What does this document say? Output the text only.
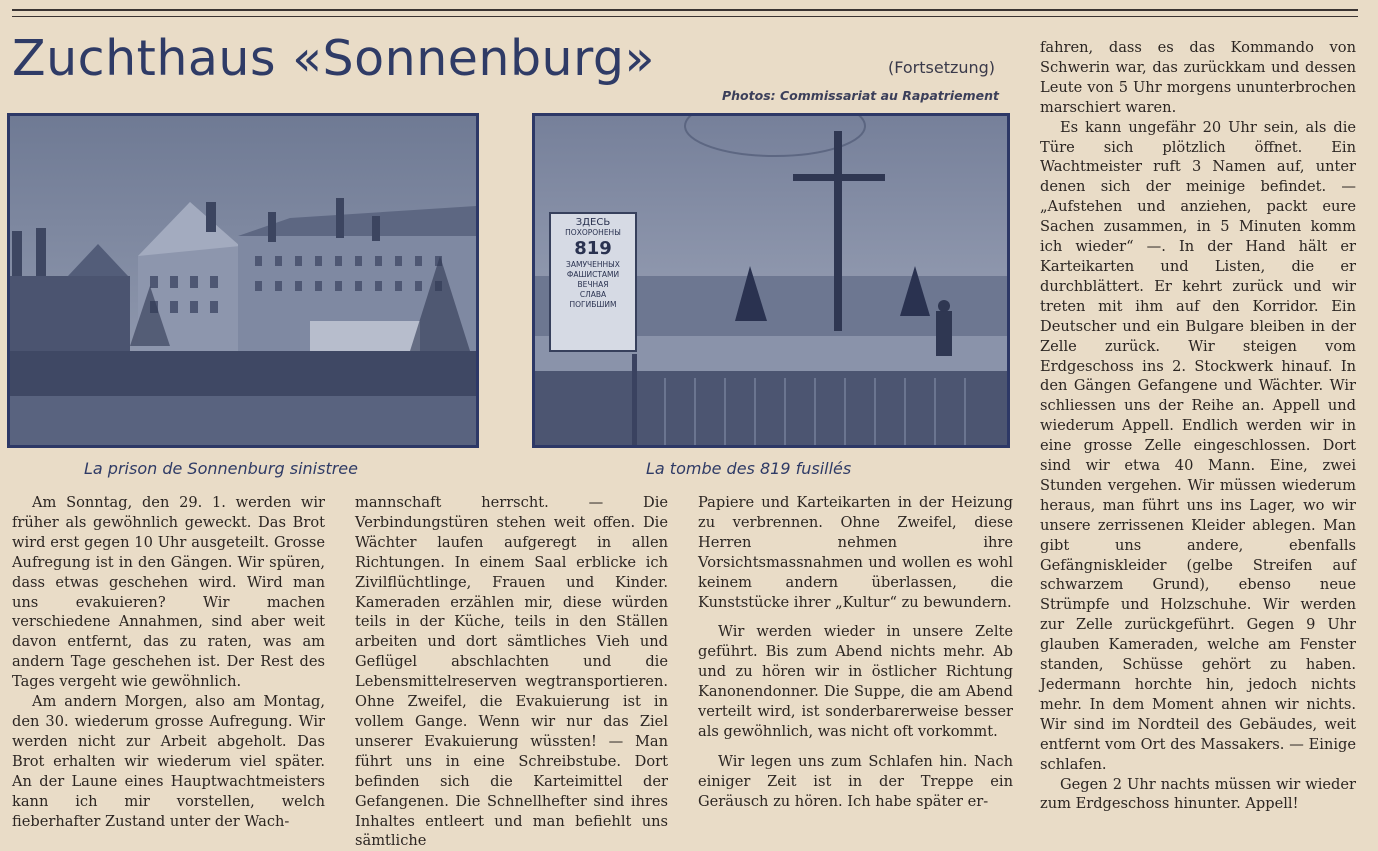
Zuchthaus «Sonnenburg»	(Fortsetzung)
Photos: Commissariat au Rapatriement
La prison de Sonnenburg sinistree
ЗДЕСЬ
ПОХОРОНЕНЫ
819
ЗАМУЧЕННЫХ
ФАШИСТАМИ
ВЕЧНАЯ
СЛАВА
ПОГИБШИМ
La tombe des 819 fusillés

Am Sonntag, den 29. 1. werden wir früher als gewöhnlich geweckt. Das Brot wird erst gegen 10 Uhr ausgeteilt. Grosse Aufregung ist in den Gängen. Wir spüren, dass etwas geschehen wird. Wird man uns evakuieren? Wir machen verschiedene Annahmen, sind aber weit davon entfernt, das zu raten, was am andern Tage geschehen ist. Der Rest des Tages vergeht wie gewöhnlich.

Am andern Morgen, also am Montag, den 30. wiederum grosse Aufregung. Wir werden nicht zur Arbeit abgeholt. Das Brot erhalten wir wiederum viel später. An der Laune eines Hauptwachtmeisters kann ich mir vorstellen, welch fieberhafter Zustand unter der Wach-

mannschaft herrscht. — Die Verbindungstüren stehen weit offen. Die Wächter laufen aufgeregt in allen Richtungen. In einem Saal erblicke ich Zivilflüchtlinge, Frauen und Kinder. Kameraden erzählen mir, diese würden teils in der Küche, teils in den Ställen arbeiten und dort sämtliches Vieh und Geflügel abschlachten und die Lebensmittelreserven wegtransportieren. Ohne Zweifel, die Evakuierung ist in vollem Gange. Wenn wir nur das Ziel unserer Evakuierung wüssten! — Man führt uns in eine Schreibstube. Dort befinden sich die Karteimittel der Gefangenen. Die Schnellhefter sind ihres Inhaltes entleert und man befiehlt uns sämtliche

Papiere und Karteikarten in der Heizung zu verbrennen. Ohne Zweifel, diese Herren nehmen ihre Vorsichtsmassnahmen und wollen es wohl keinem andern überlassen, die Kunststücke ihrer „Kultur“ zu bewundern.

Wir werden wieder in unsere Zelte geführt. Bis zum Abend nichts mehr. Ab und zu hören wir in östlicher Richtung Kanonendonner. Die Suppe, die am Abend verteilt wird, ist sonderbarerweise besser als gewöhnlich, was nicht oft vorkommt.

Wir legen uns zum Schlafen hin. Nach einiger Zeit ist in der Treppe ein Geräusch zu hören. Ich habe später er-

fahren, dass es das Kommando von Schwerin war, das zurückkam und dessen Leute von 5 Uhr morgens ununterbrochen marschiert waren.

Es kann ungefähr 20 Uhr sein, als die Türe sich plötzlich öffnet. Ein Wachtmeister ruft 3 Namen auf, unter denen sich der meinige befindet. — „Aufstehen und anziehen, packt eure Sachen zusammen, in 5 Minuten komm ich wieder“ —. In der Hand hält er Karteikarten und Listen, die er durchblättert. Er kehrt zurück und wir treten mit ihm auf den Korridor. Ein Deutscher und ein Bulgare bleiben in der Zelle zurück. Wir steigen vom Erdgeschoss ins 2. Stockwerk hinauf. In den Gängen Gefangene und Wächter. Wir schliessen uns der Reihe an. Appell und wiederum Appell. Endlich werden wir in eine grosse Zelle eingeschlossen. Dort sind wir etwa 40 Mann. Eine, zwei Stunden vergehen. Wir müssen wiederum heraus, man führt uns ins Lager, wo wir unsere zerrissenen Kleider ablegen. Man gibt uns andere, ebenfalls Gefängniskleider (gelbe Streifen auf schwarzem Grund), ebenso neue Strümpfe und Holzschuhe. Wir werden zur Zelle zurückgeführt. Gegen 9 Uhr glauben Kameraden, welche am Fenster standen, Schüsse gehört zu haben. Jedermann horchte hin, jedoch nichts mehr. In dem Moment ahnen wir nichts. Wir sind im Nordteil des Gebäudes, weit entfernt vom Ort des Massakers. — Einige schlafen.

Gegen 2 Uhr nachts müssen wir wieder zum Erdgeschoss hinunter. Appell!
